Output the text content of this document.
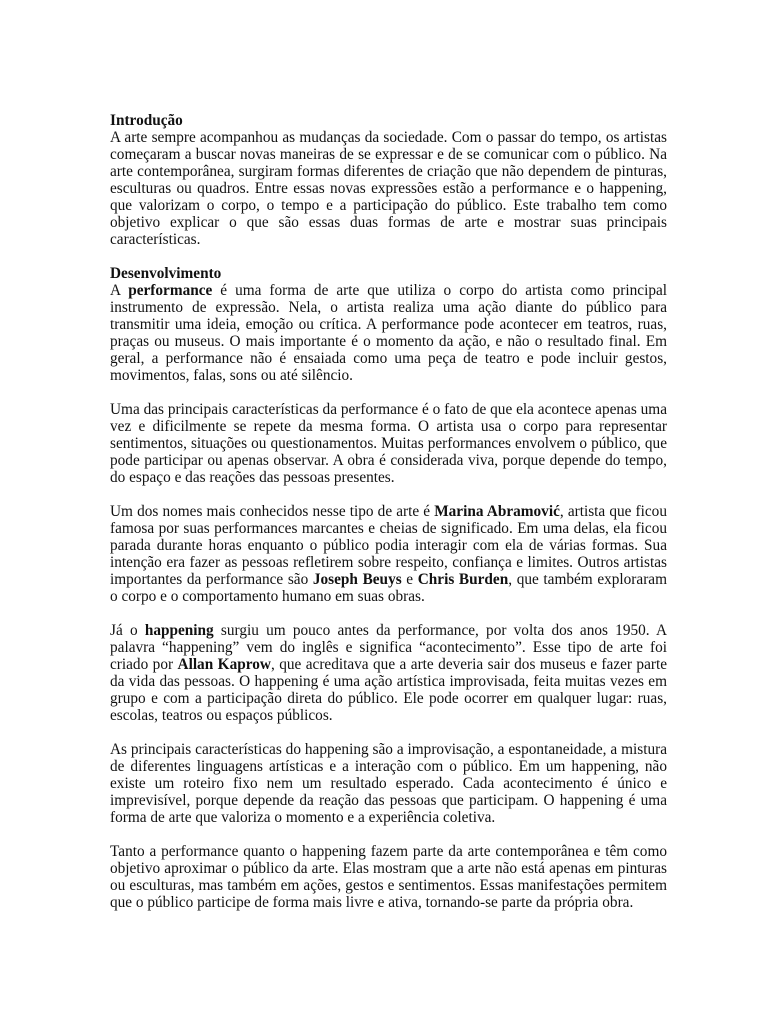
Introdução

A arte sempre acompanhou as mudanças da sociedade. Com o passar do tempo, os artistas começaram a buscar novas maneiras de se expressar e de se comunicar com o público. Na arte contemporânea, surgiram formas diferentes de criação que não dependem de pinturas, esculturas ou quadros. Entre essas novas expressões estão a performance e o happening, que valorizam o corpo, o tempo e a participação do público. Este trabalho tem como objetivo explicar o que são essas duas formas de arte e mostrar suas principais características.

Desenvolvimento

A performance é uma forma de arte que utiliza o corpo do artista como principal instrumento de expressão. Nela, o artista realiza uma ação diante do público para transmitir uma ideia, emoção ou crítica. A performance pode acontecer em teatros, ruas, praças ou museus. O mais importante é o momento da ação, e não o resultado final. Em geral, a performance não é ensaiada como uma peça de teatro e pode incluir gestos, movimentos, falas, sons ou até silêncio.

Uma das principais características da performance é o fato de que ela acontece apenas uma vez e dificilmente se repete da mesma forma. O artista usa o corpo para representar sentimentos, situações ou questionamentos. Muitas performances envolvem o público, que pode participar ou apenas observar. A obra é considerada viva, porque depende do tempo, do espaço e das reações das pessoas presentes.

Um dos nomes mais conhecidos nesse tipo de arte é Marina Abramović, artista que ficou famosa por suas performances marcantes e cheias de significado. Em uma delas, ela ficou parada durante horas enquanto o público podia interagir com ela de várias formas. Sua intenção era fazer as pessoas refletirem sobre respeito, confiança e limites. Outros artistas importantes da performance são Joseph Beuys e Chris Burden, que também exploraram o corpo e o comportamento humano em suas obras.

Já o happening surgiu um pouco antes da performance, por volta dos anos 1950. A palavra “happening” vem do inglês e significa “acontecimento”. Esse tipo de arte foi criado por Allan Kaprow, que acreditava que a arte deveria sair dos museus e fazer parte da vida das pessoas. O happening é uma ação artística improvisada, feita muitas vezes em grupo e com a participação direta do público. Ele pode ocorrer em qualquer lugar: ruas, escolas, teatros ou espaços públicos.

As principais características do happening são a improvisação, a espontaneidade, a mistura de diferentes linguagens artísticas e a interação com o público. Em um happening, não existe um roteiro fixo nem um resultado esperado. Cada acontecimento é único e imprevisível, porque depende da reação das pessoas que participam. O happening é uma forma de arte que valoriza o momento e a experiência coletiva.

Tanto a performance quanto o happening fazem parte da arte contemporânea e têm como objetivo aproximar o público da arte. Elas mostram que a arte não está apenas em pinturas ou esculturas, mas também em ações, gestos e sentimentos. Essas manifestações permitem que o público participe de forma mais livre e ativa, tornando-se parte da própria obra.
